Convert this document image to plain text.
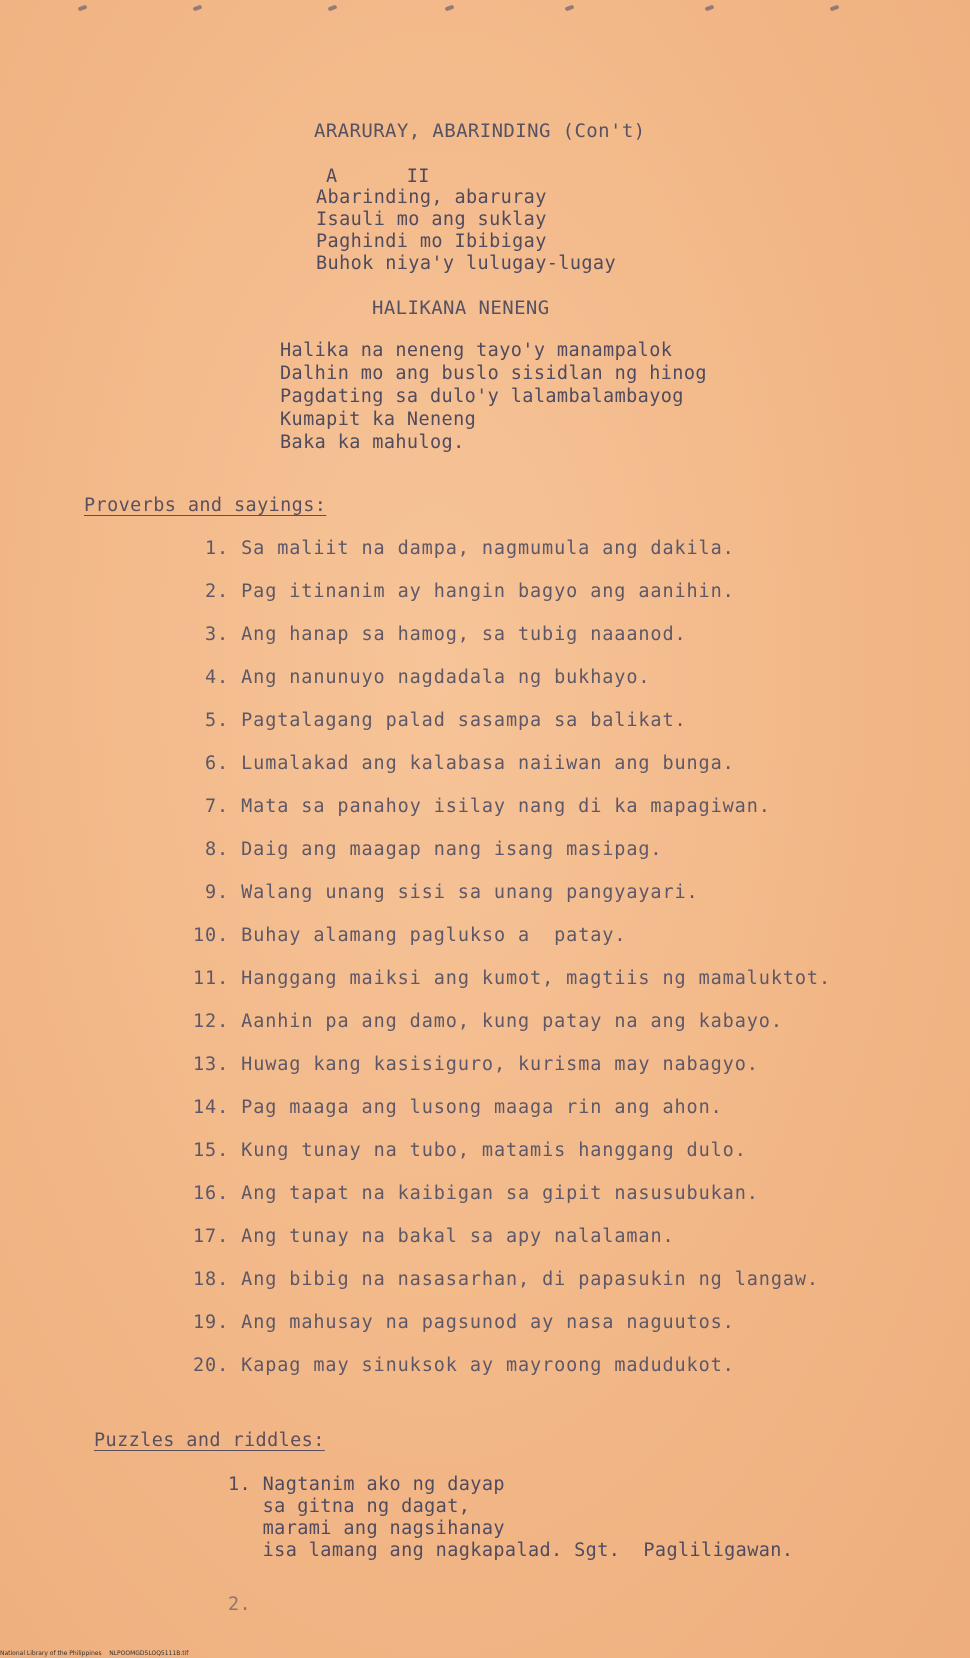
ARARURAY, ABARINDING (Con't)
A      II
Abarinding, abaruray
Isauli mo ang suklay
Paghindi mo Ibibigay
Buhok niya'y lulugay-lugay
HALIKANA NENENG
Halika na neneng tayo'y manampalok
Dalhin mo ang buslo sisidlan ng hinog
Pagdating sa dulo'y lalambalambayog
Kumapit ka Neneng
Baka ka mahulog.
Proverbs and sayings:
1. Sa maliit na dampa, nagmumula ang dakila.
2. Pag itinanim ay hangin bagyo ang aanihin.
3. Ang hanap sa hamog, sa tubig naaanod.
4. Ang nanunuyo nagdadala ng bukhayo.
5. Pagtalagang palad sasampa sa balikat.
6. Lumalakad ang kalabasa naiiwan ang bunga.
7. Mata sa panahoy isilay nang di ka mapagiwan.
8. Daig ang maagap nang isang masipag.
9. Walang unang sisi sa unang pangyayari.
10. Buhay alamang paglukso a  patay.
11. Hanggang maiksi ang kumot, magtiis ng mamaluktot.
12. Aanhin pa ang damo, kung patay na ang kabayo.
13. Huwag kang kasisiguro, kurisma may nabagyo.
14. Pag maaga ang lusong maaga rin ang ahon.
15. Kung tunay na tubo, matamis hanggang dulo.
16. Ang tapat na kaibigan sa gipit nasusubukan.
17. Ang tunay na bakal sa apy nalalaman.
18. Ang bibig na nasasarhan, di papasukin ng langaw.
19. Ang mahusay na pagsunod ay nasa naguutos.
20. Kapag may sinuksok ay mayroong madudukot.
Puzzles and riddles:
1. Nagtanim ako ng dayap
sa gitna ng dagat,
marami ang nagsihanay
isa lamang ang nagkapalad. Sgt.  Pagliligawan.
2.
National Library of the Philippines    NLPOOMGD5LOQ5111B.tif
